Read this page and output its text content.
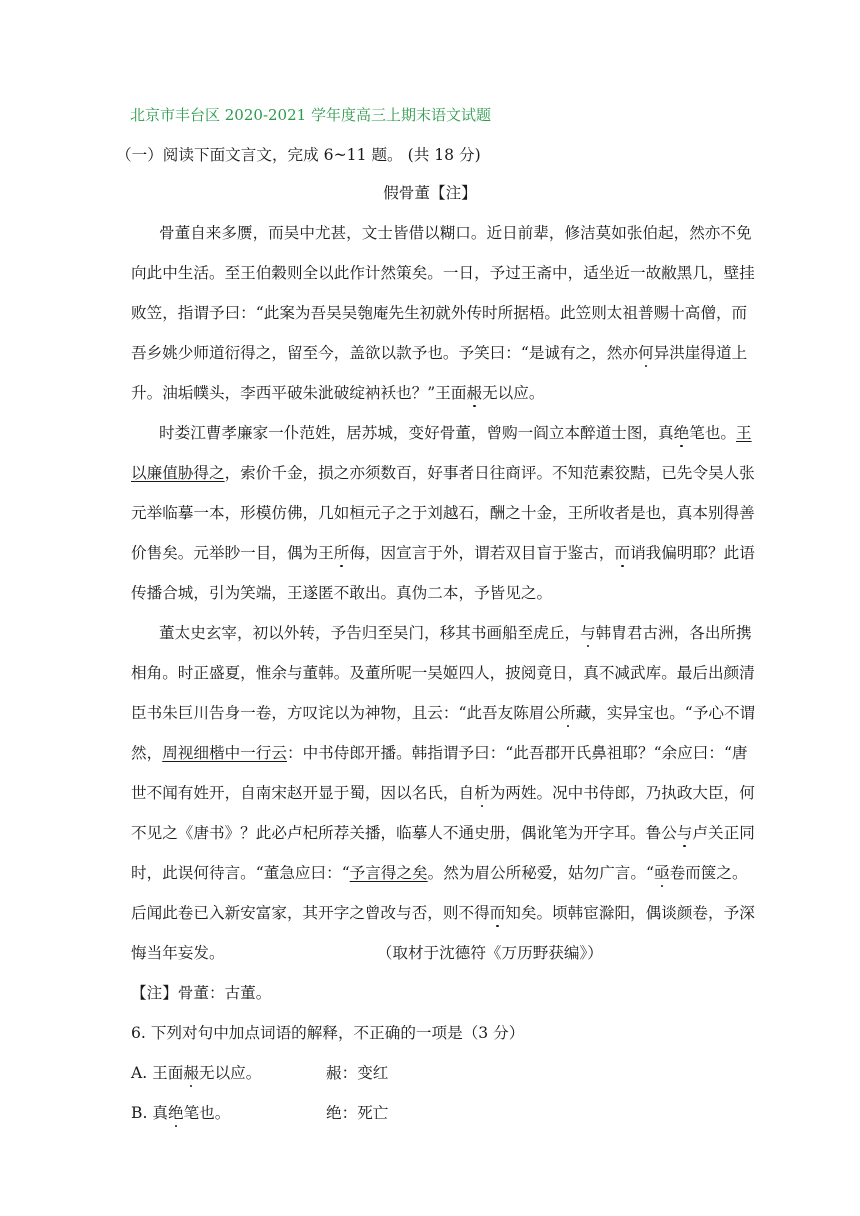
北京市丰台区 2020-2021 学年度高三上期末语文试题
（一）阅读下面文言文，完成 6~11 题。 (共 18 分)
假骨董【注】
骨董自来多赝，而吴中尤甚，文士皆借以糊口。近日前辈，修洁莫如张伯起，然亦不免
向此中生活。至王伯穀则全以此作计然策矣。一日，予过王斋中，适坐近一故敝黑几，壁挂
败笠，指谓予曰：“此案为吾吴吴匏庵先生初就外传时所据梧。此笠则太祖普赐十高僧，而
吾乡姚少师道衍得之，留至今，盖欲以款予也。予笑曰：“是诚有之，然亦何异洪崖得道上
升。油垢幞头，李西平破朱泚破绽衲袄也？”王面赧无以应。
时娄江曹孝廉家一仆范姓，居苏城，变好骨董，曾购一阎立本醉道士图，真绝笔也。王
以廉值胁得之，索价千金，损之亦须数百，好事者日往商评。不知范素狡黠，已先令吴人张
元举临摹一本，形模仿佛，几如桓元子之于刘越石，酬之十金，王所收者是也，真本别得善
价售矣。元举眇一目，偶为王所侮，因宣言于外，谓若双目盲于鉴古，而诮我偏明耶？此语
传播合城，引为笑端，王遂匿不敢出。真伪二本，予皆见之。
董太史玄宰，初以外转，予告归至吴门，移其书画船至虎丘，与韩胄君古洲，各出所携
相角。时正盛夏，惟余与董韩。及董所呢一吴姬四人，披阅竟日，真不减武库。最后出颜清
臣书朱巨川告身一卷，方叹诧以为神物，且云：“此吾友陈眉公所藏，实异宝也。“予心不谓
然，周视细楷中一行云：中书侍郎开播。韩指谓予曰：“此吾郡开氏鼻祖耶？“余应曰：“唐
世不闻有姓开，自南宋赵开显于蜀，因以名氏，自析为两姓。况中书侍郎，乃执政大臣，何
不见之《唐书》？此必卢杞所荐关播，临摹人不通史册，偶讹笔为开字耳。鲁公与卢关正同
时，此误何待言。“董急应曰：“予言得之矣。然为眉公所秘爱，姑勿广言。“亟卷而箧之。
后闻此卷已入新安富家，其开字之曾改与否，则不得而知矣。顷韩宦滁阳，偶谈颜卷，予深
悔当年妄发。	（取材于沈德符《万历野获编》）
【注】骨董：古董。
6. 下列对句中加点词语的解释，不正确的一项是（3 分）
A. 王面赧无以应。	赧：变红
B. 真绝笔也。	绝：死亡
